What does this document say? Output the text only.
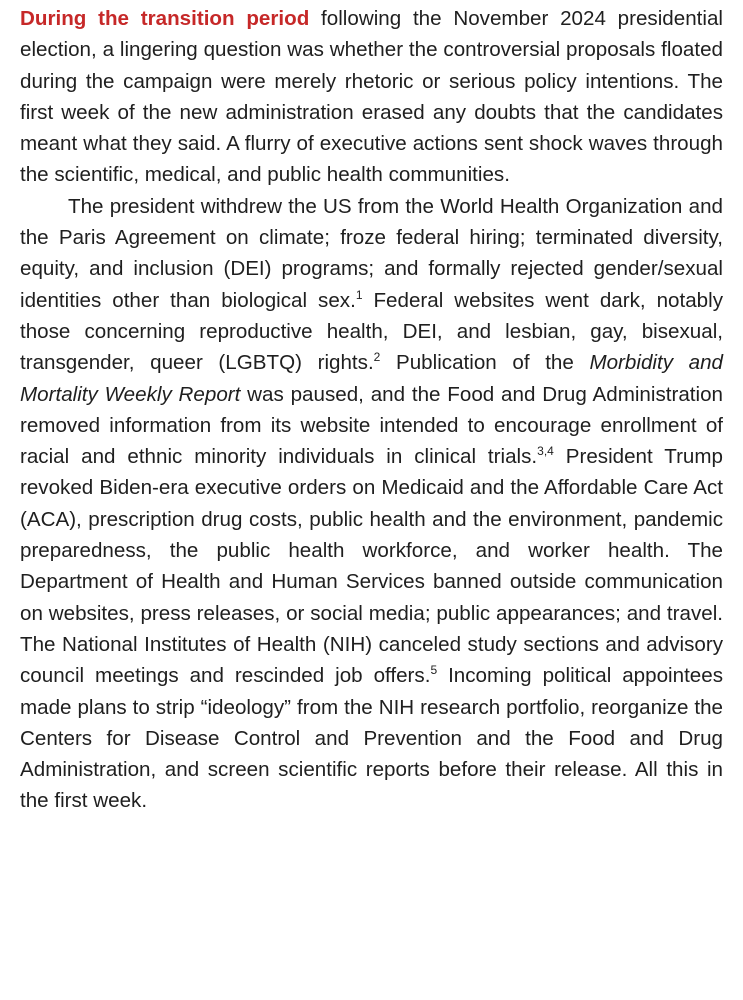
During the transition period following the November 2024 presidential election, a lingering question was whether the controversial proposals floated during the campaign were merely rhetoric or serious policy intentions. The first week of the new administration erased any doubts that the candidates meant what they said. A flurry of executive actions sent shock waves through the scientific, medical, and public health communities.

The president withdrew the US from the World Health Organization and the Paris Agreement on climate; froze federal hiring; terminated diversity, equity, and inclusion (DEI) programs; and formally rejected gender/sexual identities other than biological sex.$^1$ Federal websites went dark, notably those concerning reproductive health, DEI, and lesbian, gay, bisexual, transgender, queer (LGBTQ) rights.$^2$ Publication of the Morbidity and Mortality Weekly Report was paused, and the Food and Drug Administration removed information from its website intended to encourage enrollment of racial and ethnic minority individuals in clinical trials.$^{3,4}$ President Trump revoked Biden-era executive orders on Medicaid and the Affordable Care Act (ACA), prescription drug costs, public health and the environment, pandemic preparedness, the public health workforce, and worker health. The Department of Health and Human Services banned outside communication on websites, press releases, or social media; public appearances; and travel. The National Institutes of Health (NIH) canceled study sections and advisory council meetings and rescinded job offers.$^5$ Incoming political appointees made plans to strip “ideology” from the NIH research portfolio, reorganize the Centers for Disease Control and Prevention and the Food and Drug Administration, and screen scientific reports before their release. All this in the first week.
